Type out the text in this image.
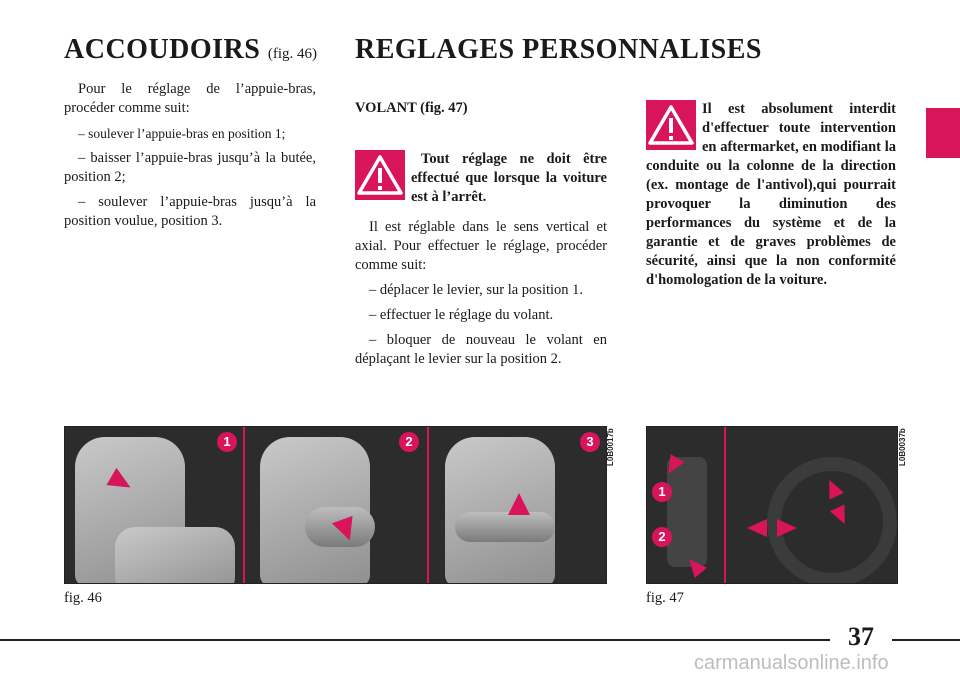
ACCOUDOIRS (fig. 46)

Pour le réglage de l’appuie-bras, procéder comme suit:

– soulever l’appuie-bras en position 1;

– baisser l’appuie-bras jusqu’à la butée, position 2;

– soulever l’appuie-bras jusqu’à la position voulue, position 3.

REGLAGES PERSONNALISES
VOLANT (fig. 47)
Tout réglage ne doit être effectué que lorsque la voiture est à l’arrêt.

Il est réglable dans le sens vertical et axial. Pour effectuer le réglage, procéder comme suit:

– déplacer le levier, sur la position 1.

– effectuer le réglage du volant.

– bloquer de nouveau le volant en déplaçant le levier sur la position 2.

Il est absolument interdit d'effectuer toute intervention en aftermarket, en modifiant la conduite ou la colonne de la direction (ex. montage de l'antivol),qui pourrait provoquer la diminution des performances du système et de la garantie et de graves problèmes de sécurité, ainsi que la non conformité d'homologation de la voiture.
1	2	3	L0B0017b
fig. 46
1
2
L0B0037b
fig. 47
37
carmanualsonline.info
